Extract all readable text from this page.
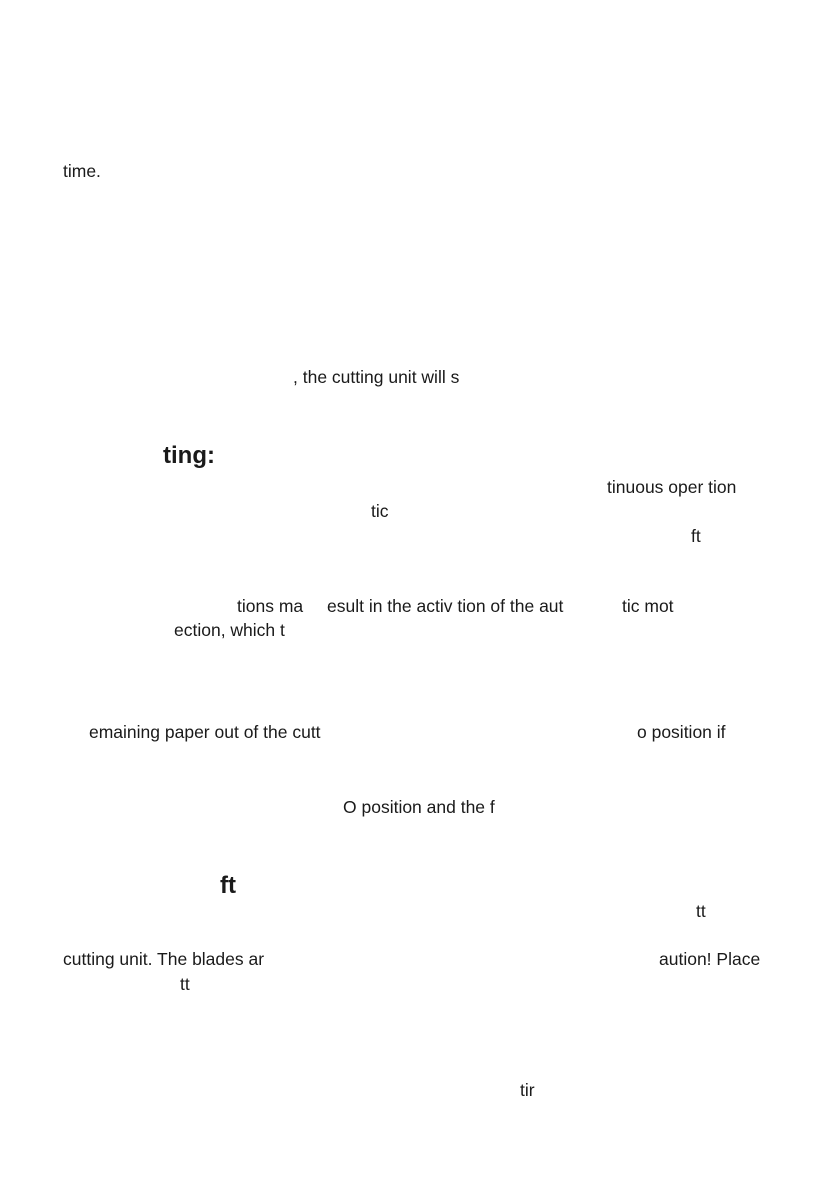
time.
, the cutting unit will s
ting:
tinuous oper tion
tic
ft
tions ma esult in the activ tion of the aut	tic mot
ection, which t
emaining paper out of the cutt	o position if
O position and the f
ft
tt
cutting unit. The blades ar	aution! Place
tt
tir
